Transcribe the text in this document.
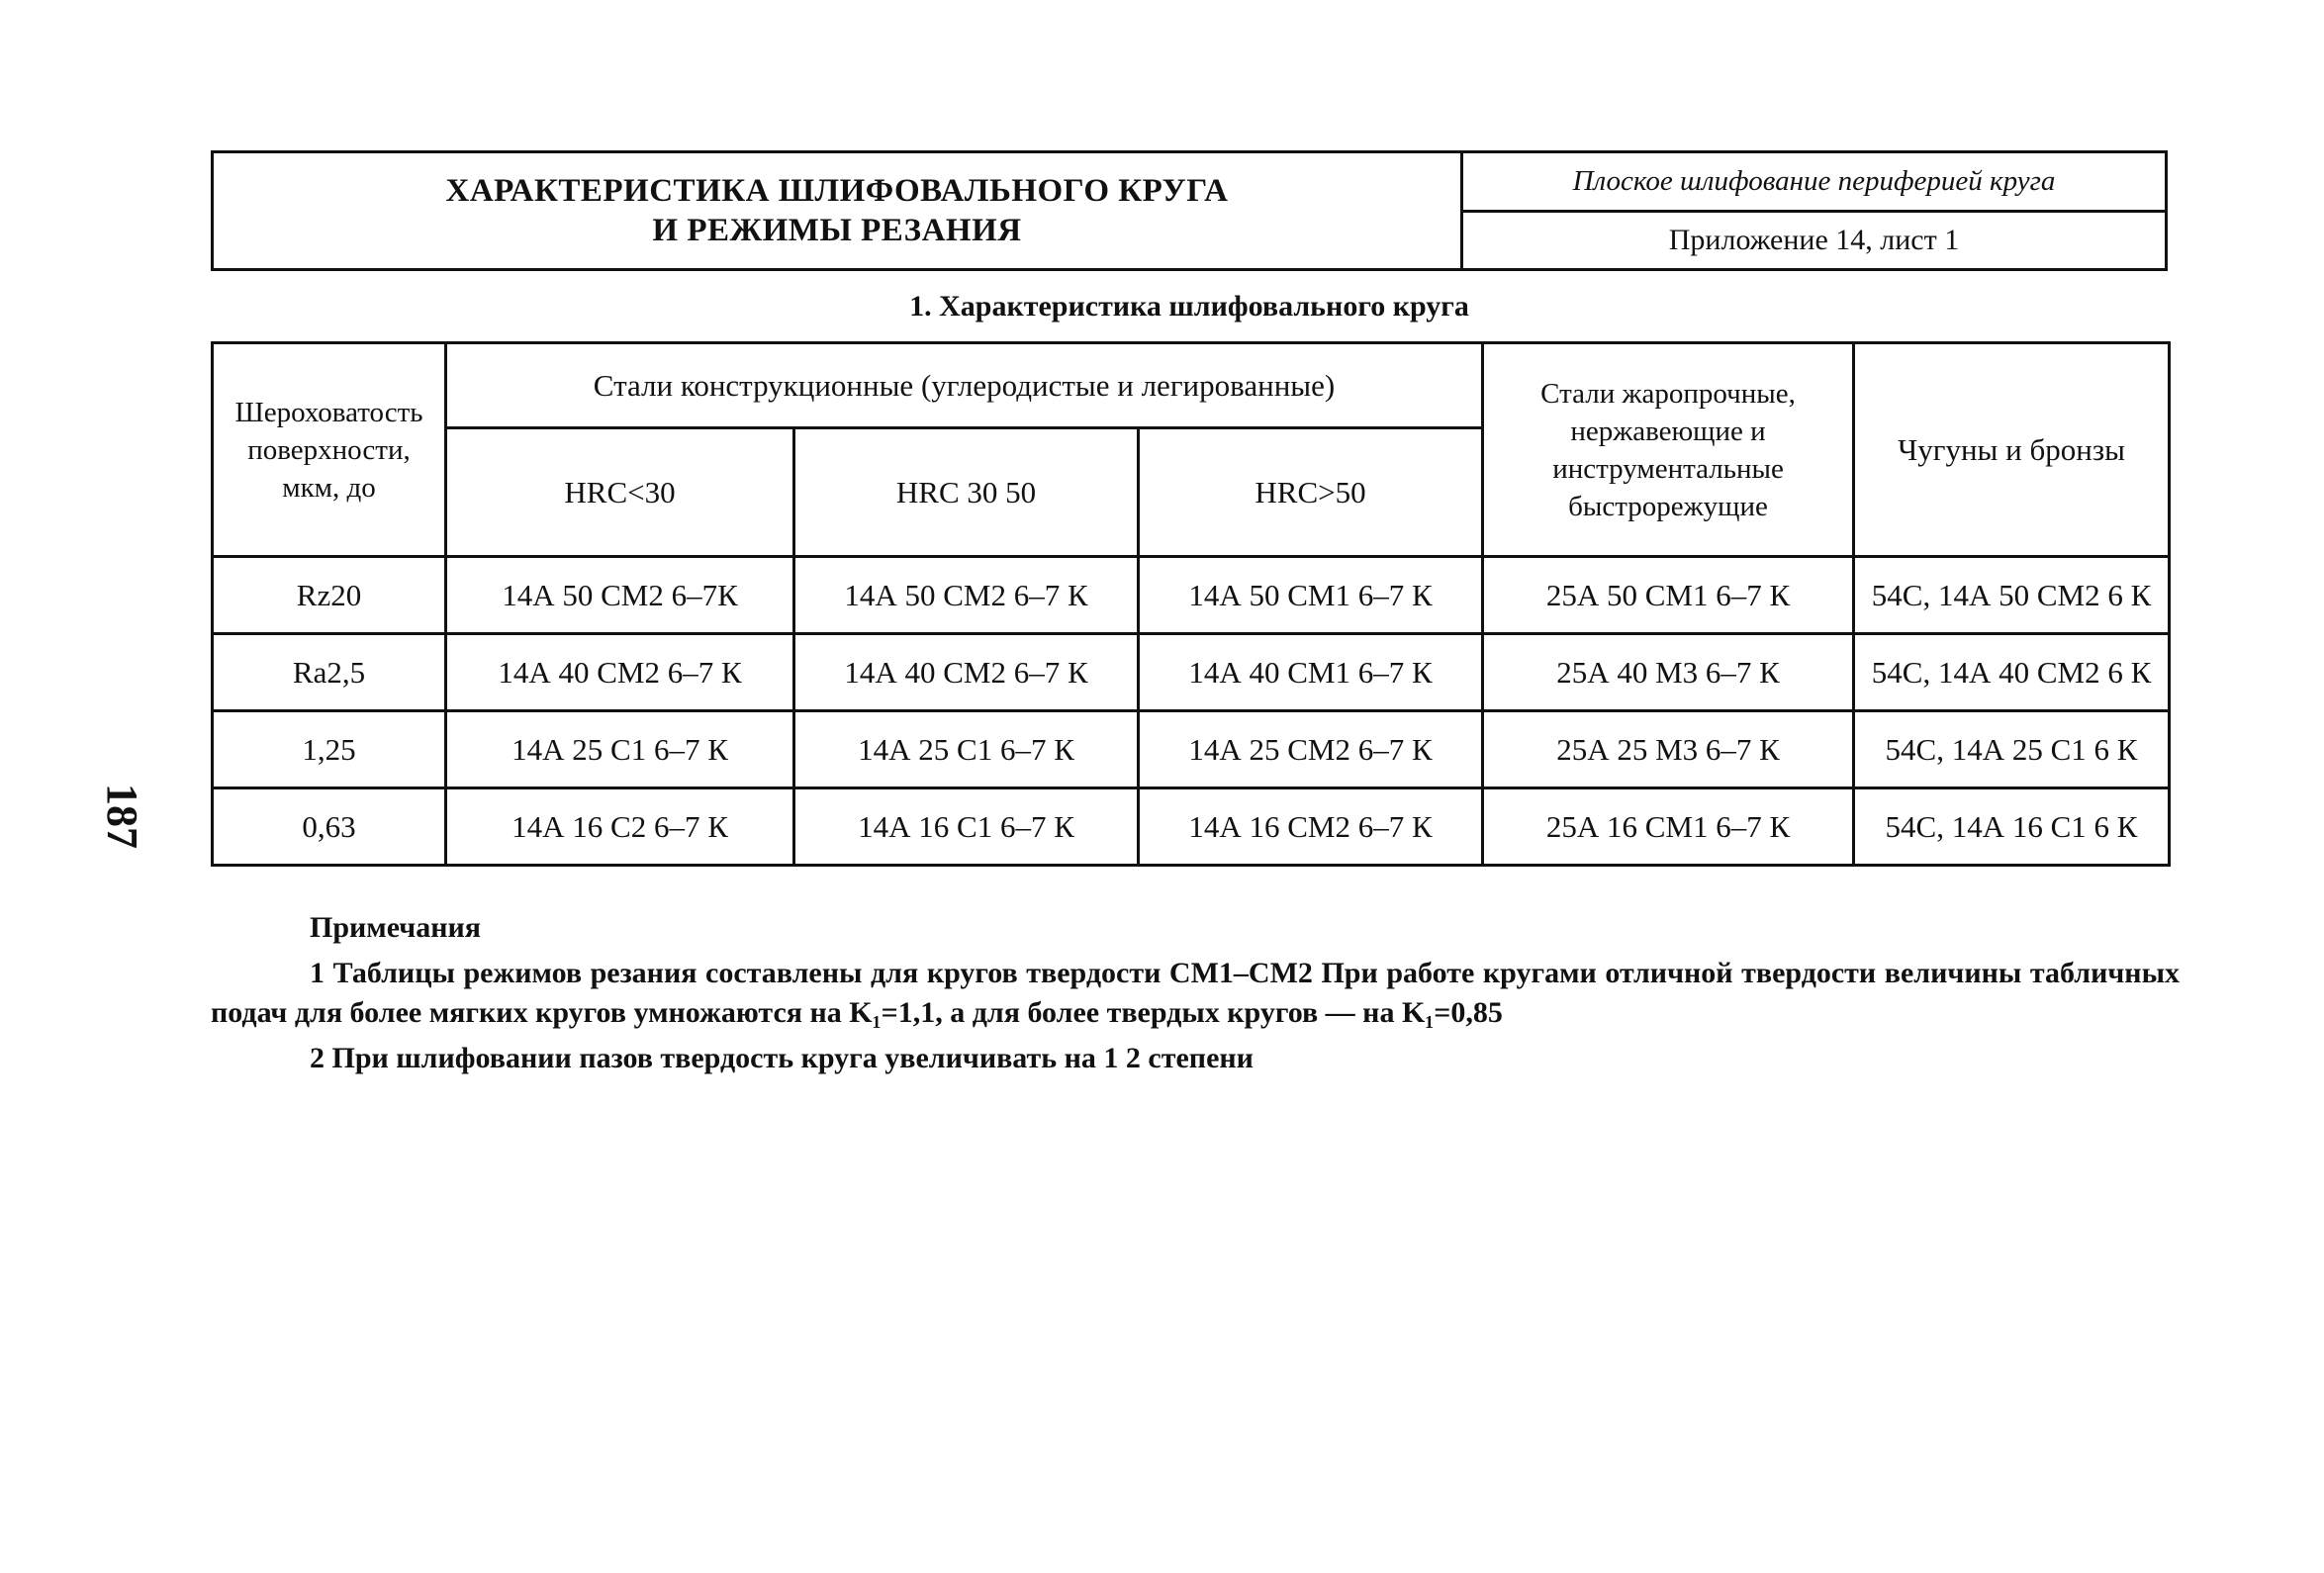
187
ХАРАКТЕРИСТИКА ШЛИФОВАЛЬНОГО КРУГА
И РЕЖИМЫ РЕЗАНИЯ
Плоское шлифование периферией круга
Приложение 14, лист 1
1. Характеристика шлифовального круга
Шероховатость поверхности, мкм, до	Стали конструкционные (углеродистые и легированные)			Стали жаропрочные, нержавеющие и инструментальные быстрорежущие	Чугуны и бронзы
	HRC<30	HRC 30 50	HRC>50		
Rz20	14А 50 СМ2 6–7К	14А 50 СМ2 6–7 К	14А 50 СМ1 6–7 К	25А 50 СМ1 6–7 К	54С, 14А 50 СМ2 6 К
Ra2,5	14А 40 СМ2 6–7 К	14А 40 СМ2 6–7 К	14А 40 СМ1 6–7 К	25А 40 М3 6–7 К	54С, 14А 40 СМ2 6 К
1,25	14А 25 С1 6–7 К	14А 25 С1 6–7 К	14А 25 СМ2 6–7 К	25А 25 М3 6–7 К	54С, 14А 25 С1 6 К
0,63	14А 16 С2 6–7 К	14А 16 С1 6–7 К	14А 16 СМ2 6–7 К	25А 16 СМ1 6–7 К	54С, 14А 16 С1 6 К
Примечания
1 Таблицы режимов резания составлены для кругов твердости СМ1–СМ2 При работе кругами отличной твердости величины табличных подач для более мягких кругов умножаются на K₁=1,1, а для более твердых кругов — на K₁=0,85
2 При шлифовании пазов твердость круга увеличивать на 1 2 степени
